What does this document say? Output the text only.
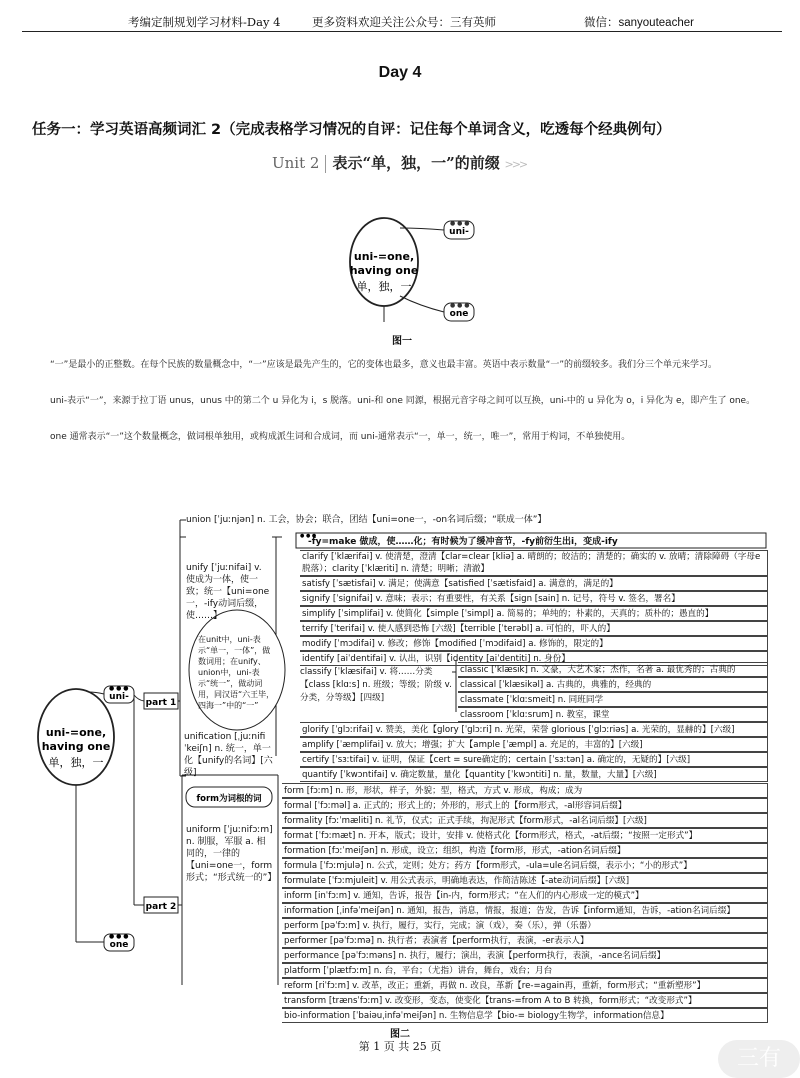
考编定制规划学习材料-Day 4	更多资料欢迎关注公众号：三有英师	微信：sanyouteacher
Day 4
任务一：学习英语高频词汇 2（完成表格学习情况的自评：记住每个单词含义，吃透每个经典例句）
Unit 2 表示“单，独，一”的前缀 >>>
● ● ●
● ● ●
uni-
one
uni-=one,
having one
单，独，一
图一
“一”是最小的正整数。在每个民族的数量概念中，“一”应该是最先产生的，它的变体也最多，意义也最丰富。英语中表示数量“一”的前缀较多。我们分三个单元来学习。
uni-表示“一”，来源于拉丁语 unus，unus 中的第二个 u 异化为 i，s 脱落。uni-和 one 同源，根据元音字母之间可以互换，uni-中的 u 异化为 o，i 异化为 e，即产生了 one。
one 通常表示“一”这个数量概念，做词根单独用，或构成派生词和合成词，而 uni-通常表示“一，单一，统一，唯一”，常用于构词，不单独使用。
● ● ●
● ● ●
● ● ●
uni-=one,
having one
单，独，一
uni-
one
part 1
part 2
form为词根的词
union [ˈjuːnjən] n. 工会，协会；联合，团结【uni=one一，-on名词后缀；“联成一体”】
unify [ˈjuːnifai] v. 使成为一体，使一致；统一【uni=one一，-ify动词后缀，使……】
在unit中，uni-表示“单一，一体”，做数词用；在unify、union中，uni-表示“统一”，做动词用，同汉语“六王毕，四海一”中的“一”
unification [ˌjuːnifiˈkeiʃn] n. 统一，单一化【unify的名词】[六级]
uniform [ˈjuːnifɔːm] n. 制服，军服 a. 相同的，一律的【uni=one一，form形式；“形式统一的”】
-fy=make 做成，使……化；有时候为了缓冲音节，-fy前衍生出i，变成-ify
clarify [ˈklærifai] v. 使清楚，澄清【clar=clear [kliə] a. 晴朗的；皎洁的；清楚的；确实的 v. 放晴；清除障碍（字母e脱落）；clarity [ˈklæriti] n. 清楚；明晰；清澈】
satisfy [ˈsætisfai] v. 满足；使满意【satisfied [ˈsætisfaid] a. 满意的，满足的】
signify [ˈsignifai] v. 意味；表示；有重要性，有关系【sign [sain] n. 记号，符号 v. 签名，署名】
simplify [ˈsimplifai] v. 使简化【simple [ˈsimpl] a. 简易的；单纯的；朴素的，天真的；质朴的；愚直的】
terrify [ˈterifai] v. 使人感到恐怖 [六级]【terrible [ˈterəbl] a. 可怕的，吓人的】
modify [ˈmɔdifai] v. 修改；修饰【modified [ˈmɔdifaid] a. 修饰的，限定的】
identify [aiˈdentifai] v. 认出，识别【identity [aiˈdentiti] n. 身份】
classify [ˈklæsifai] v. 将……分类【class [klɑːs] n. 班级；等级；阶级 v. 分类，分等级】[四级]
classic [ˈklæsik] n. 文豪，大艺术家；杰作，名著 a. 最优秀的；古典的
classical [ˈklæsikəl] a. 古典的，典雅的，经典的
classmate [ˈklɑːsmeit] n. 同班同学
classroom [ˈklɑːsrum] n. 教室，课堂
glorify [ˈglɔːrifai] v. 赞美，美化【glory [ˈglɔːri] n. 光荣，荣誉 glorious [ˈglɔːriəs] a. 光荣的，显赫的】[六级]
amplify [ˈæmplifai] v. 放大；增强；扩大【ample [ˈæmpl] a. 充足的，丰富的】[六级]
certify [ˈsɜːtifai] v. 证明，保证【cert = sure确定的；certain [ˈsɜːtən] a. 确定的，无疑的】[六级]
quantify [ˈkwɔntifai] v. 确定数量，量化【quantity [ˈkwɔntiti] n. 量，数量，大量】[六级]
form [fɔːm] n. 形，形状，样子，外貌；型，格式，方式 v. 形成，构成；成为
formal [ˈfɔːməl] a. 正式的；形式上的；外形的，形式上的【form形式，-al形容词后缀】
formality [fɔːˈmæliti] n. 礼节，仪式；正式手续，拘泥形式【form形式，-al名词后缀】[六级]
format [ˈfɔːmæt] n. 开本，版式；设计，安排 v. 使格式化【form形式，格式，-at后缀；“按照一定形式”】
formation [fɔːˈmeiʃən] n. 形成，设立；组织，构造【form形，形式，-ation名词后缀】
formula [ˈfɔːmjulə] n. 公式，定则；处方；药方【form形式，-ula=ule名词后缀，表示小；“小的形式”】
formulate [ˈfɔːmjuleit] v. 用公式表示，明确地表达，作简洁陈述【-ate动词后缀】[六级]
inform [inˈfɔːm] v. 通知，告诉，报告【in-内，form形式；“在人们的内心形成一定的模式”】
information [ˌinfəˈmeiʃən] n. 通知，报告，消息，情报，报道；告发，告诉【inform通知，告诉，-ation名词后缀】
perform [pəˈfɔːm] v. 执行，履行，实行，完成；演（戏），奏（乐），弹（乐器）
performer [pəˈfɔːmə] n. 执行者；表演者【perform执行，表演，-er表示人】
performance [pəˈfɔːməns] n. 执行，履行；演出，表演【perform执行，表演，-ance名词后缀】
platform [ˈplætfɔːm] n. 台，平台；（尤指）讲台，舞台，戏台；月台
reform [riˈfɔːm] v. 改革，改正；重新，再做 n. 改良，革新【re-=again再，重新，form形式；“重新塑形”】
transform [trænsˈfɔːm] v. 改变形，变态，使变化【trans-=from A to B 转换，form形式；“改变形式”】
bio-information [ˈbaiəuˌinfəˈmeiʃən] n. 生物信息学【bio-= biology生物学，information信息】
图二
第 1 页 共 25 页	三有
